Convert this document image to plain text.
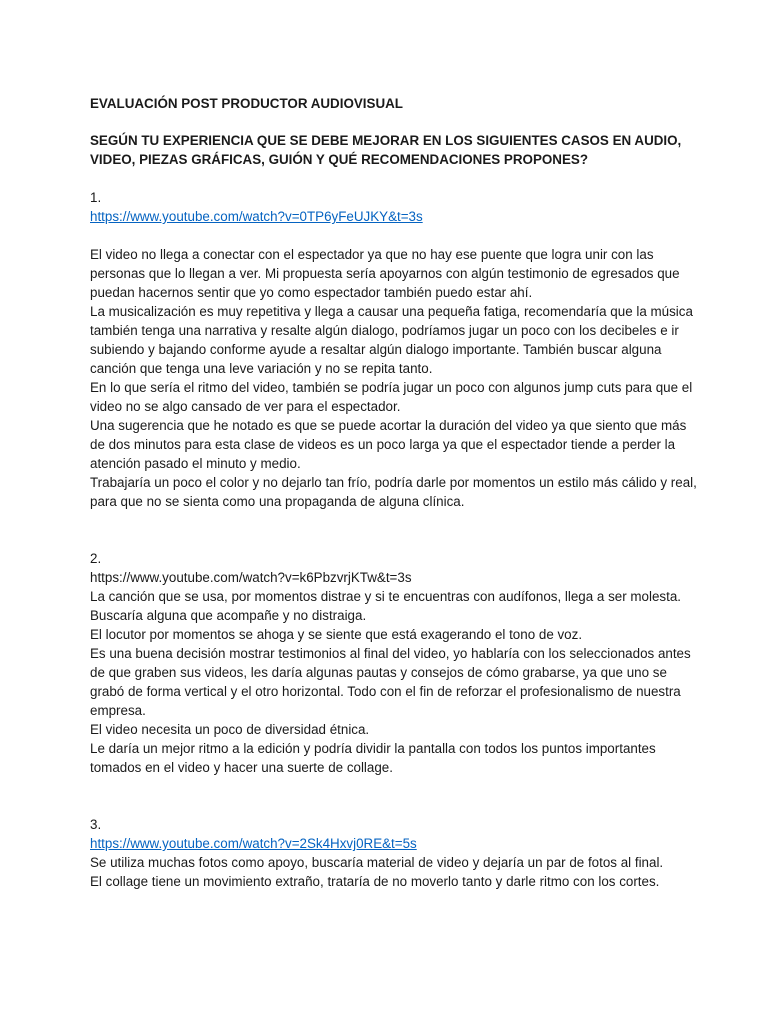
EVALUACIÓN POST PRODUCTOR AUDIOVISUAL

SEGÚN TU EXPERIENCIA QUE SE DEBE MEJORAR EN LOS SIGUIENTES CASOS EN AUDIO, VIDEO, PIEZAS GRÁFICAS, GUIÓN Y QUÉ RECOMENDACIONES PROPONES?

1.

https://www.youtube.com/watch?v=0TP6yFeUJKY&t=3s

El video no llega a conectar con el espectador ya que no hay ese puente que logra unir con las personas que lo llegan a ver. Mi propuesta sería apoyarnos con algún testimonio de egresados que puedan hacernos sentir que yo como espectador también puedo estar ahí.

La musicalización es muy repetitiva y llega a causar una pequeña fatiga, recomendaría que la música también tenga una narrativa y resalte algún dialogo, podríamos jugar un poco con los decibeles e ir subiendo y bajando conforme ayude a resaltar algún dialogo importante. También buscar alguna canción que tenga una leve variación y no se repita tanto.

En lo que sería el ritmo del video, también se podría jugar un poco con algunos jump cuts para que el video no se algo cansado de ver para el espectador.

Una sugerencia que he notado es que se puede acortar la duración del video ya que siento que más de dos minutos para esta clase de videos es un poco larga ya que el espectador tiende a perder la atención pasado el minuto y medio.

Trabajaría un poco el color y no dejarlo tan frío, podría darle por momentos un estilo más cálido y real, para que no se sienta como una propaganda de alguna clínica.

2.

https://www.youtube.com/watch?v=k6PbzvrjKTw&t=3s

La canción que se usa, por momentos distrae y si te encuentras con audífonos, llega a ser molesta. Buscaría alguna que acompañe y no distraiga.

El locutor por momentos se ahoga y se siente que está exagerando el tono de voz.

Es una buena decisión mostrar testimonios al final del video, yo hablaría con los seleccionados antes de que graben sus videos, les daría algunas pautas y consejos de cómo grabarse, ya que uno se grabó de forma vertical y el otro horizontal. Todo con el fin de reforzar el profesionalismo de nuestra empresa.

El video necesita un poco de diversidad étnica.

Le daría un mejor ritmo a la edición y podría dividir la pantalla con todos los puntos importantes tomados en el video y hacer una suerte de collage.

3.

https://www.youtube.com/watch?v=2Sk4Hxvj0RE&t=5s

Se utiliza muchas fotos como apoyo, buscaría material de video y dejaría un par de fotos al final.

El collage tiene un movimiento extraño, trataría de no moverlo tanto y darle ritmo con los cortes.
